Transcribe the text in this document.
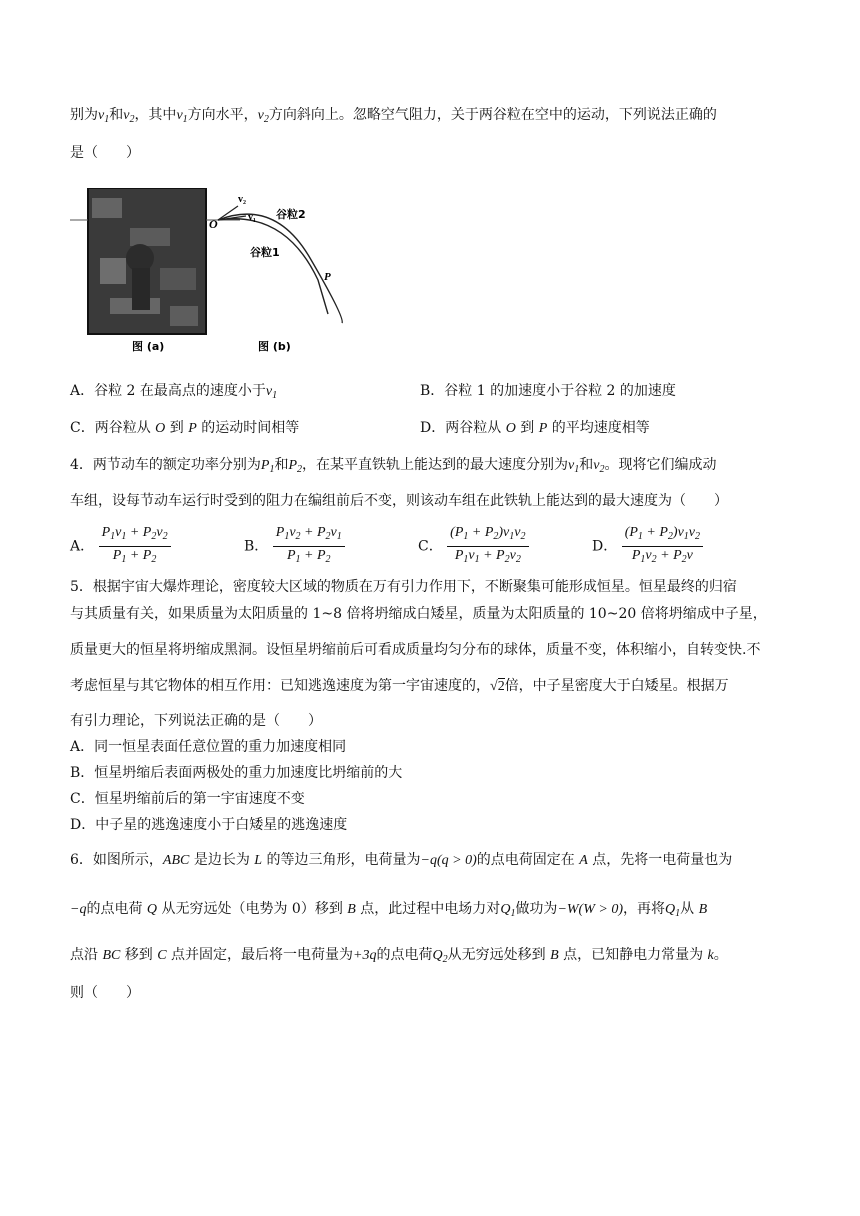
别为$v_1$和$v_2$，其中$v_1$方向水平，$v_2$方向斜向上。忽略空气阻力，关于两谷粒在空中的运动，下列说法正确的
是（　　）
图 (a)
O
v₂
v₁ 谷粒2
谷粒1
P
图 (b)
A．谷粒 2 在最高点的速度小于$v_1$	B．谷粒 1 的加速度小于谷粒 2 的加速度
C．两谷粒从 O 到 P 的运动时间相等	D．两谷粒从 O 到 P 的平均速度相等
4．两节动车的额定功率分别为$P_1$和$P_2$，在某平直铁轨上能达到的最大速度分别为$v_1$和$v_2$。现将它们编成动
车组，设每节动车运行时受到的阻力在编组前后不变，则该动车组在此铁轨上能达到的最大速度为（　　）
A． $\frac{P_1v_1 + P_2v_2}{P_1 + P_2}$	B． $\frac{P_1v_2 + P_2v_1}{P_1 + P_2}$	C． $\frac{(P_1 + P_2)v_1v_2}{P_1v_1 + P_2v_2}$	D． $\frac{(P_1 + P_2)v_1v_2}{P_1v_2 + P_2v}$
5．根据宇宙大爆炸理论，密度较大区域的物质在万有引力作用下，不断聚集可能形成恒星。恒星最终的归宿
与其质量有关，如果质量为太阳质量的 1~8 倍将坍缩成白矮星，质量为太阳质量的 10~20 倍将坍缩成中子星，
质量更大的恒星将坍缩成黑洞。设恒星坍缩前后可看成质量均匀分布的球体，质量不变，体积缩小，自转变快.不
考虑恒星与其它物体的相互作用：已知逃逸速度为第一宇宙速度的，√2倍，中子星密度大于白矮星。根据万
有引力理论，下列说法正确的是（　　）
A．同一恒星表面任意位置的重力加速度相同
B．恒星坍缩后表面两极处的重力加速度比坍缩前的大
C．恒星坍缩前后的第一宇宙速度不变
D．中子星的逃逸速度小于白矮星的逃逸速度
6．如图所示，ABC 是边长为 L 的等边三角形，电荷量为−q(q > 0)的点电荷固定在 A 点，先将一电荷量也为
−q的点电荷 Q 从无穷远处（电势为 0）移到 B 点，此过程中电场力对$Q_1$做功为−W(W > 0)，再将$Q_1$从 B
点沿 BC 移到 C 点并固定，最后将一电荷量为+3q的点电荷$Q_2$从无穷远处移到 B 点，已知静电力常量为 k。
则（　　）
